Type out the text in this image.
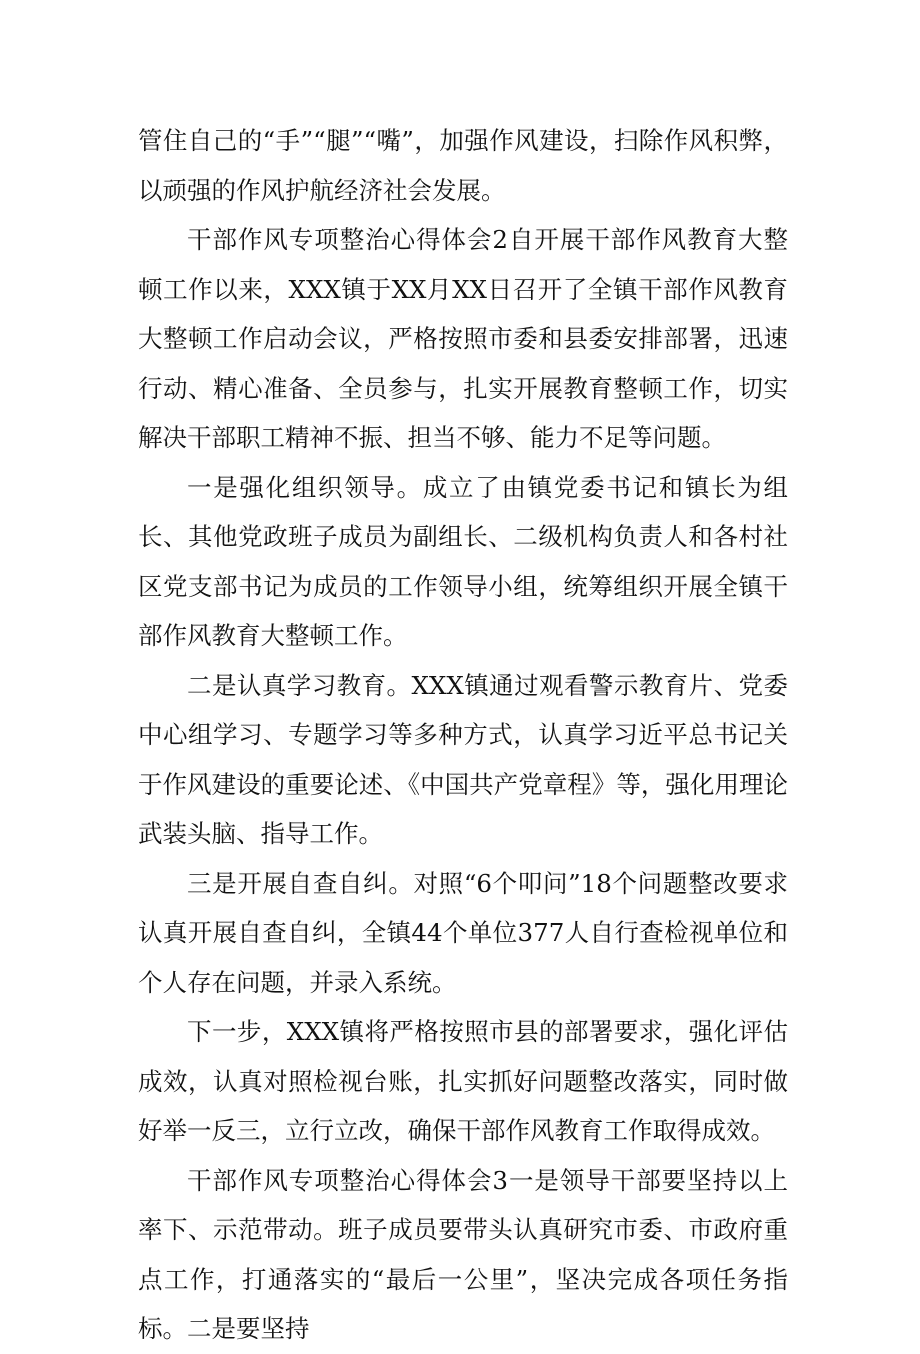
管住自己的“手”“腿”“嘴”，加强作风建设，扫除作风积弊，以顽强的作风护航经济社会发展。

干部作风专项整治心得体会2自开展干部作风教育大整顿工作以来，XXX镇于XX月XX日召开了全镇干部作风教育大整顿工作启动会议，严格按照市委和县委安排部署，迅速行动、精心准备、全员参与，扎实开展教育整顿工作，切实解决干部职工精神不振、担当不够、能力不足等问题。

一是强化组织领导。成立了由镇党委书记和镇长为组长、其他党政班子成员为副组长、二级机构负责人和各村社区党支部书记为成员的工作领导小组，统筹组织开展全镇干部作风教育大整顿工作。

二是认真学习教育。XXX镇通过观看警示教育片、党委中心组学习、专题学习等多种方式，认真学习近平总书记关于作风建设的重要论述、《中国共产党章程》等，强化用理论武装头脑、指导工作。

三是开展自查自纠。对照“6个叩问”18个问题整改要求认真开展自查自纠，全镇44个单位377人自行查检视单位和个人存在问题，并录入系统。

下一步，XXX镇将严格按照市县的部署要求，强化评估成效，认真对照检视台账，扎实抓好问题整改落实，同时做好举一反三，立行立改，确保干部作风教育工作取得成效。

干部作风专项整治心得体会3一是领导干部要坚持以上率下、示范带动。班子成员要带头认真研究市委、市政府重点工作，打通落实的“最后一公里”，坚决完成各项任务指标。二是要坚持
